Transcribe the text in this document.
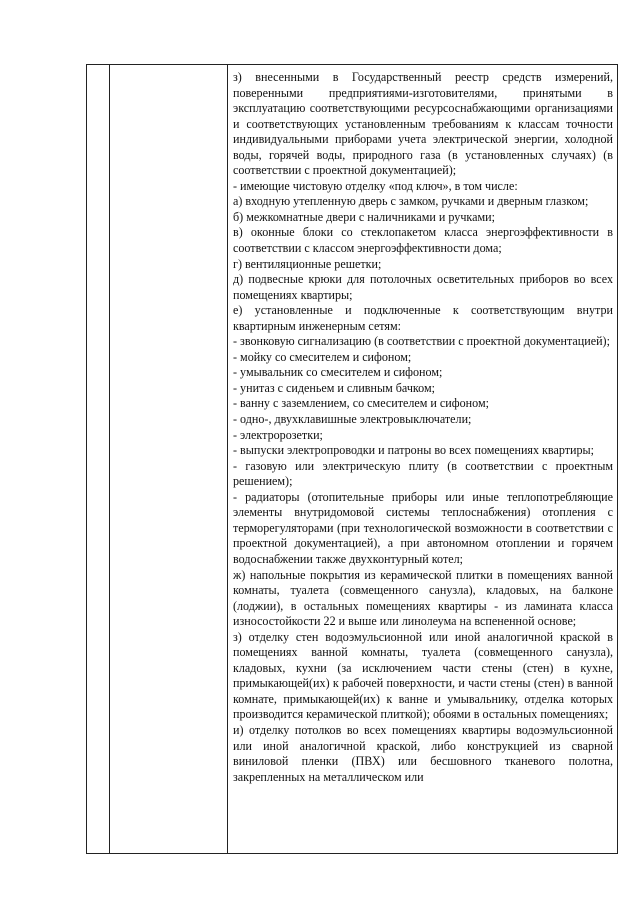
з) внесенными в Государственный реестр средств измерений, поверенными предприятиями-изготовителями, принятыми в эксплуатацию соответствующими ресурсоснабжающими организациями и соответствующих установленным требованиям к классам точности индивидуальными приборами учета электрической энергии, холодной воды, горячей воды, природного газа (в установленных случаях) (в соответствии с проектной документацией);

- имеющие чистовую отделку «под ключ», в том числе:

а) входную утепленную дверь с замком, ручками и дверным глазком;

б) межкомнатные двери с наличниками и ручками;

в) оконные блоки со стеклопакетом класса энергоэффективности в соответствии с классом энергоэффективности дома;

г) вентиляционные решетки;

д) подвесные крюки для потолочных осветительных приборов во всех помещениях квартиры;

е) установленные и подключенные к соответствующим внутри квартирным инженерным сетям:

- звонковую сигнализацию (в соответствии с проектной документацией);

- мойку со смесителем и сифоном;

- умывальник со смесителем и сифоном;

- унитаз с сиденьем и сливным бачком;

- ванну с заземлением, со смесителем и сифоном;

- одно-, двухклавишные электровыключатели;

- электророзетки;

- выпуски электропроводки и патроны во всех помещениях квартиры;

- газовую или электрическую плиту (в соответствии с проектным решением);

- радиаторы (отопительные приборы или иные теплопотребляющие элементы внутридомовой системы теплоснабжения) отопления с терморегуляторами (при технологической возможности в соответствии с проектной документацией), а при автономном отоплении и горячем водоснабжении также двухконтурный котел;

ж) напольные покрытия из керамической плитки в помещениях ванной комнаты, туалета (совмещенного санузла), кладовых, на балконе (лоджии), в остальных помещениях квартиры - из ламината класса износостойкости 22 и выше или линолеума на вспененной основе;

з) отделку стен водоэмульсионной или иной аналогичной краской в помещениях ванной комнаты, туалета (совмещенного санузла), кладовых, кухни (за исключением части стены (стен) в кухне, примыкающей(их) к рабочей поверхности, и части стены (стен) в ванной комнате, примыкающей(их) к ванне и умывальнику, отделка которых производится керамической плиткой); обоями в остальных помещениях;

и) отделку потолков во всех помещениях квартиры водоэмульсионной или иной аналогичной краской, либо конструкцией из сварной виниловой пленки (ПВХ) или бесшовного тканевого полотна, закрепленных на металлическом или
